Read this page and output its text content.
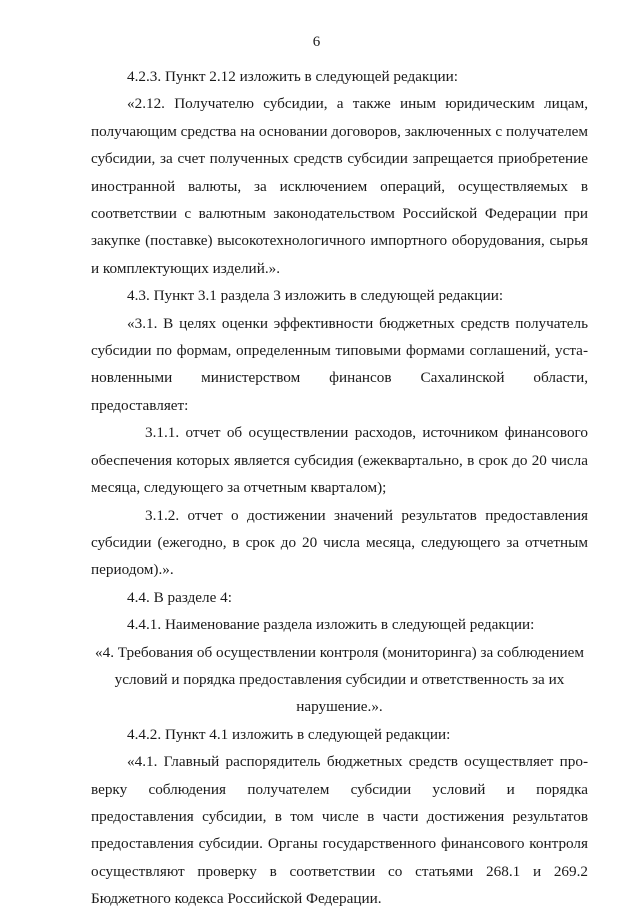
6

4.2.3. Пункт 2.12 изложить в следующей редакции:

«2.12. Получателю субсидии, а также иным юридическим лицам, получающим средства на основании договоров, заключенных с получателем субсидии, за счет полученных средств субсидии запрещается приобретение иностранной валюты, за исключением операций, осуществляемых в соответствии с валютным законодательством Российской Федерации при закупке (поставке) высокотехнологичного импортного оборудования, сырья и комплектующих изделий.».

4.3. Пункт 3.1 раздела 3 изложить в следующей редакции:

«3.1. В целях оценки эффективности бюджетных средств получатель субсидии по формам, определенным типовыми формами соглашений, установленными министерством финансов Сахалинской области, предоставляет:

3.1.1. отчет об осуществлении расходов, источником финансового обеспечения которых является субсидия (ежеквартально, в срок до 20 числа месяца, следующего за отчетным кварталом);

3.1.2. отчет о достижении значений результатов предоставления субсидии (ежегодно, в срок до 20 числа месяца, следующего за отчетным периодом).».

4.4. В разделе 4:

4.4.1. Наименование раздела изложить в следующей редакции:

«4. Требования об осуществлении контроля (мониторинга) за соблюдением условий и порядка предоставления субсидии и ответственность за их нарушение.».

4.4.2. Пункт 4.1 изложить в следующей редакции:

«4.1. Главный распорядитель бюджетных средств осуществляет проверку соблюдения получателем субсидии условий и порядка предоставления субсидии, в том числе в части достижения результатов предоставления субсидии. Органы государственного финансового контроля осуществляют проверку в соответствии со статьями 268.1 и 269.2 Бюджетного кодекса Российской Федерации.
